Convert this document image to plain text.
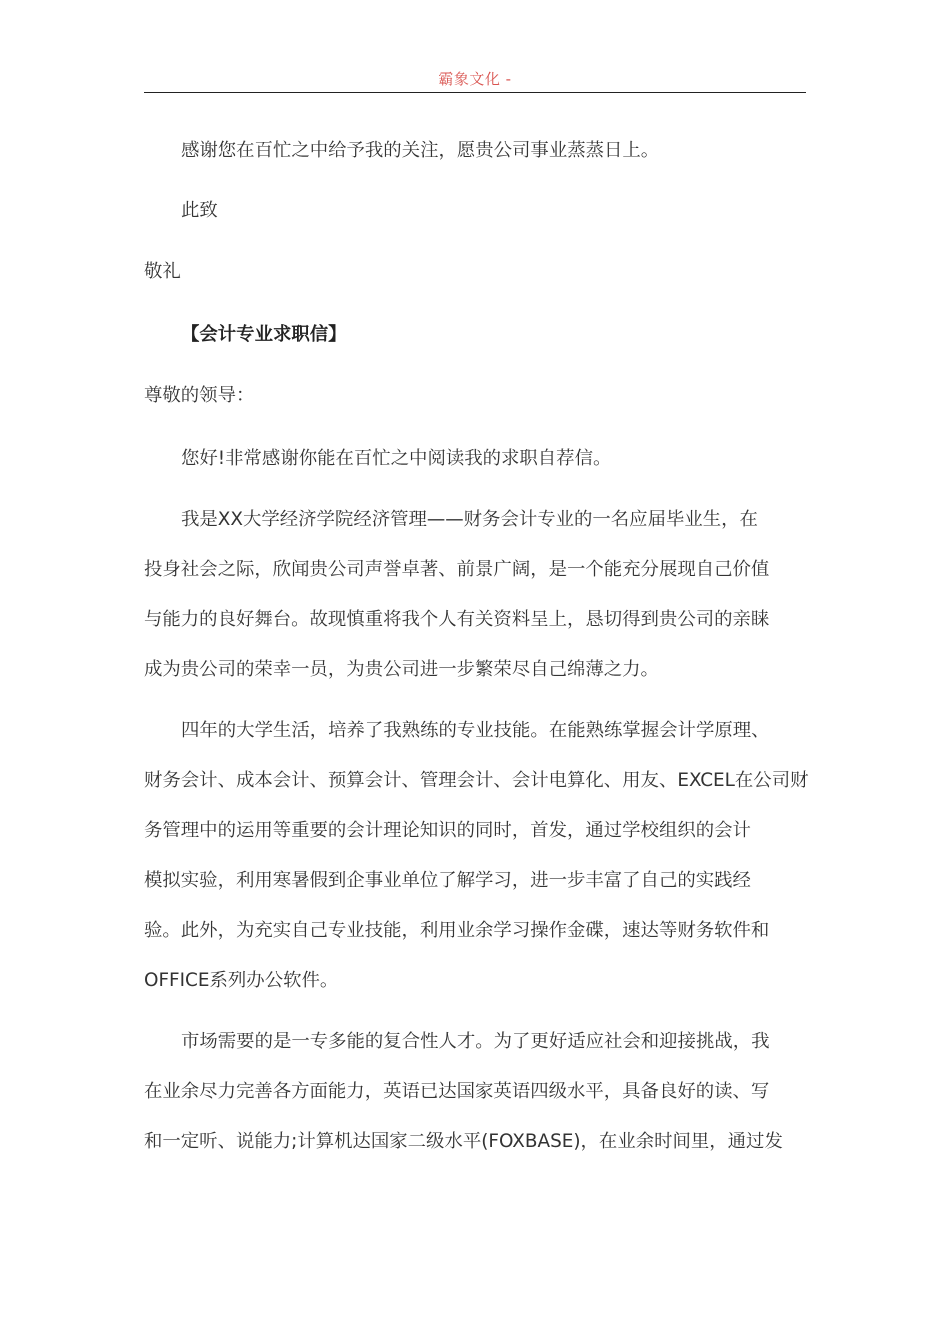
霸象文化 -
感谢您在百忙之中给予我的关注，愿贵公司事业蒸蒸日上。
此致
敬礼
【会计专业求职信】
尊敬的领导：
您好!非常感谢你能在百忙之中阅读我的求职自荐信。
我是XX大学经济学院经济管理——财务会计专业的一名应届毕业生，在
投身社会之际，欣闻贵公司声誉卓著、前景广阔，是一个能充分展现自己价值
与能力的良好舞台。故现慎重将我个人有关资料呈上，恳切得到贵公司的亲睐
成为贵公司的荣幸一员，为贵公司进一步繁荣尽自己绵薄之力。
四年的大学生活，培养了我熟练的专业技能。在能熟练掌握会计学原理、
财务会计、成本会计、预算会计、管理会计、会计电算化、用友、EXCEL在公司财
务管理中的运用等重要的会计理论知识的同时，首发，通过学校组织的会计
模拟实验，利用寒暑假到企事业单位了解学习，进一步丰富了自己的实践经
验。此外，为充实自己专业技能，利用业余学习操作金碟，速达等财务软件和
OFFICE系列办公软件。
市场需要的是一专多能的复合性人才。为了更好适应社会和迎接挑战，我
在业余尽力完善各方面能力，英语已达国家英语四级水平，具备良好的读、写
和一定听、说能力;计算机达国家二级水平(FOXBASE)，在业余时间里，通过发
